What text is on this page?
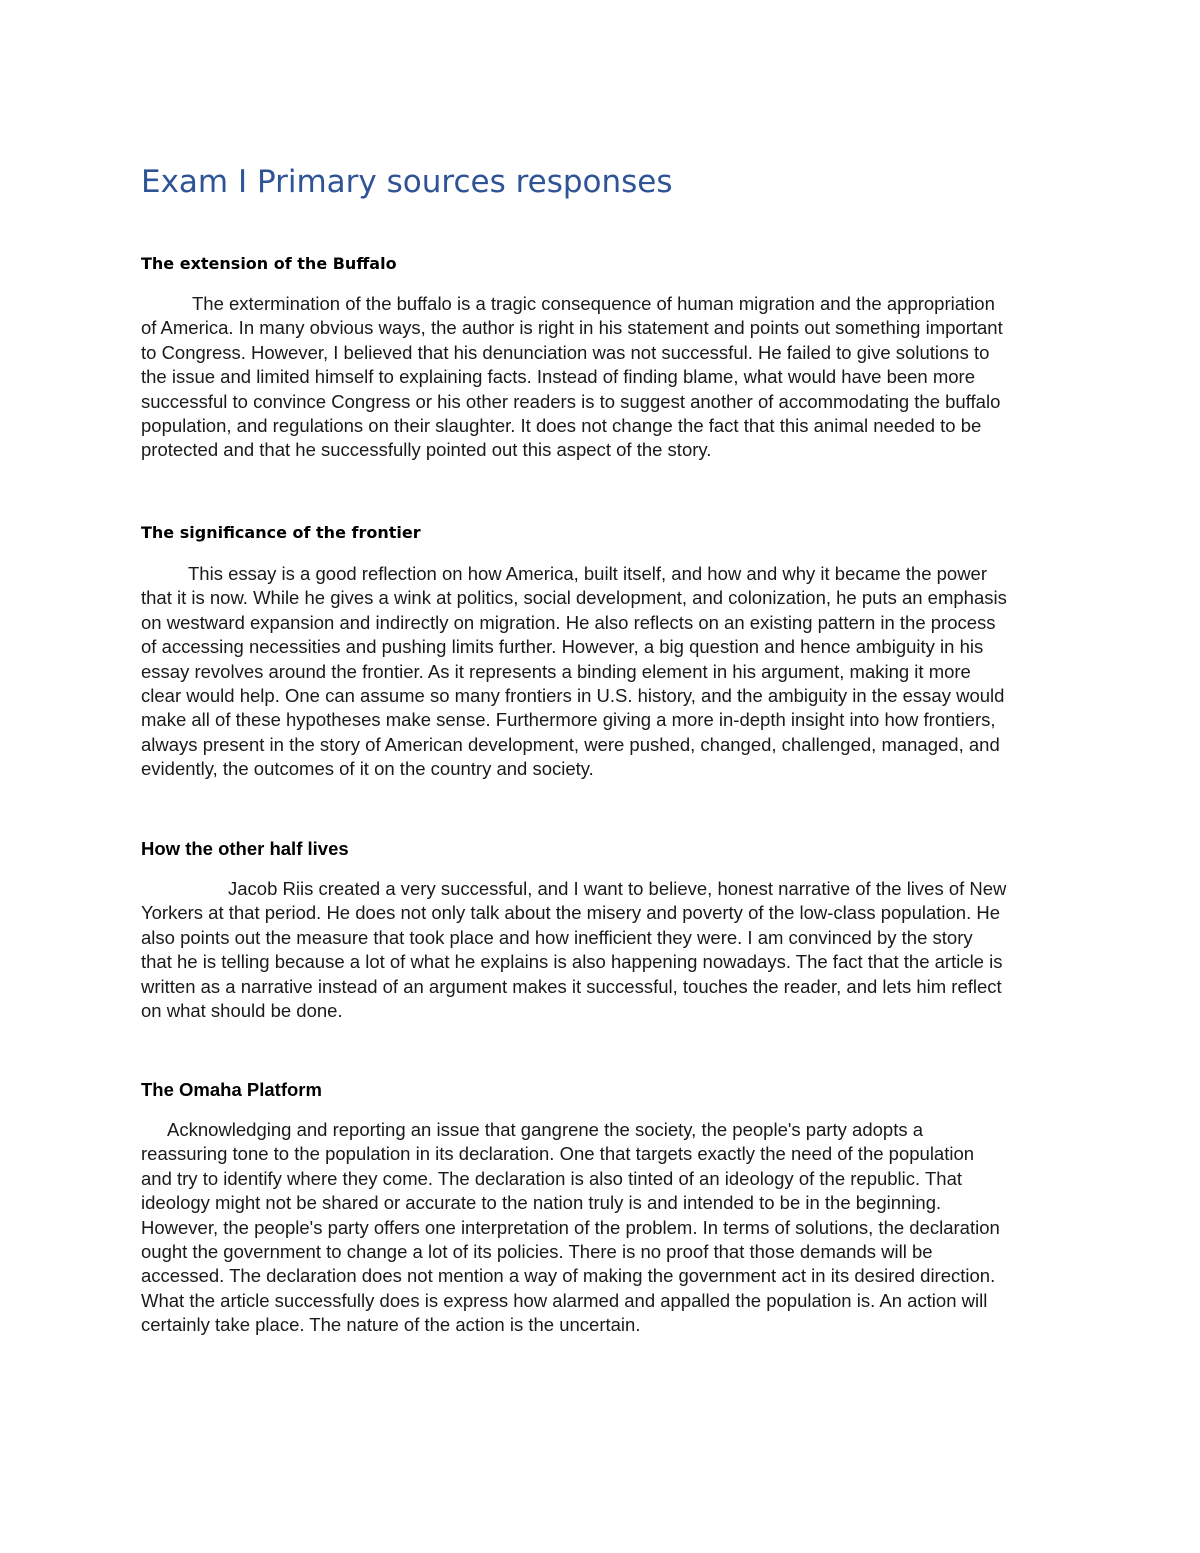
Exam I Primary sources responses
The extension of the Buffalo
The extermination of the buffalo is a tragic consequence of human migration and the appropriation
of America. In many obvious ways, the author is right in his statement and points out something important
to Congress. However, I believed that his denunciation was not successful. He failed to give solutions to
the issue and limited himself to explaining facts. Instead of finding blame, what would have been more
successful to convince Congress or his other readers is to suggest another of accommodating the buffalo
population, and regulations on their slaughter. It does not change the fact that this animal needed to be
protected and that he successfully pointed out this aspect of the story.
The significance of the frontier
This essay is a good reflection on how America, built itself, and how and why it became the power
that it is now. While he gives a wink at politics, social development, and colonization, he puts an emphasis
on westward expansion and indirectly on migration. He also reflects on an existing pattern in the process
of accessing necessities and pushing limits further. However, a big question and hence ambiguity in his
essay revolves around the frontier. As it represents a binding element in his argument, making it more
clear would help. One can assume so many frontiers in U.S. history, and the ambiguity in the essay would
make all of these hypotheses make sense. Furthermore giving a more in-depth insight into how frontiers,
always present in the story of American development, were pushed, changed, challenged, managed, and
evidently, the outcomes of it on the country and society.
How the other half lives
Jacob Riis created a very successful, and I want to believe, honest narrative of the lives of New
Yorkers at that period. He does not only talk about the misery and poverty of the low-class population. He
also points out the measure that took place and how inefficient they were. I am convinced by the story
that he is telling because a lot of what he explains is also happening nowadays. The fact that the article is
written as a narrative instead of an argument makes it successful, touches the reader, and lets him reflect
on what should be done.
The Omaha Platform
Acknowledging and reporting an issue that gangrene the society, the people's party adopts a
reassuring tone to the population in its declaration. One that targets exactly the need of the population
and try to identify where they come. The declaration is also tinted of an ideology of the republic. That
ideology might not be shared or accurate to the nation truly is and intended to be in the beginning.
However, the people's party offers one interpretation of the problem. In terms of solutions, the declaration
ought the government to change a lot of its policies. There is no proof that those demands will be
accessed. The declaration does not mention a way of making the government act in its desired direction.
What the article successfully does is express how alarmed and appalled the population is. An action will
certainly take place. The nature of the action is the uncertain.
